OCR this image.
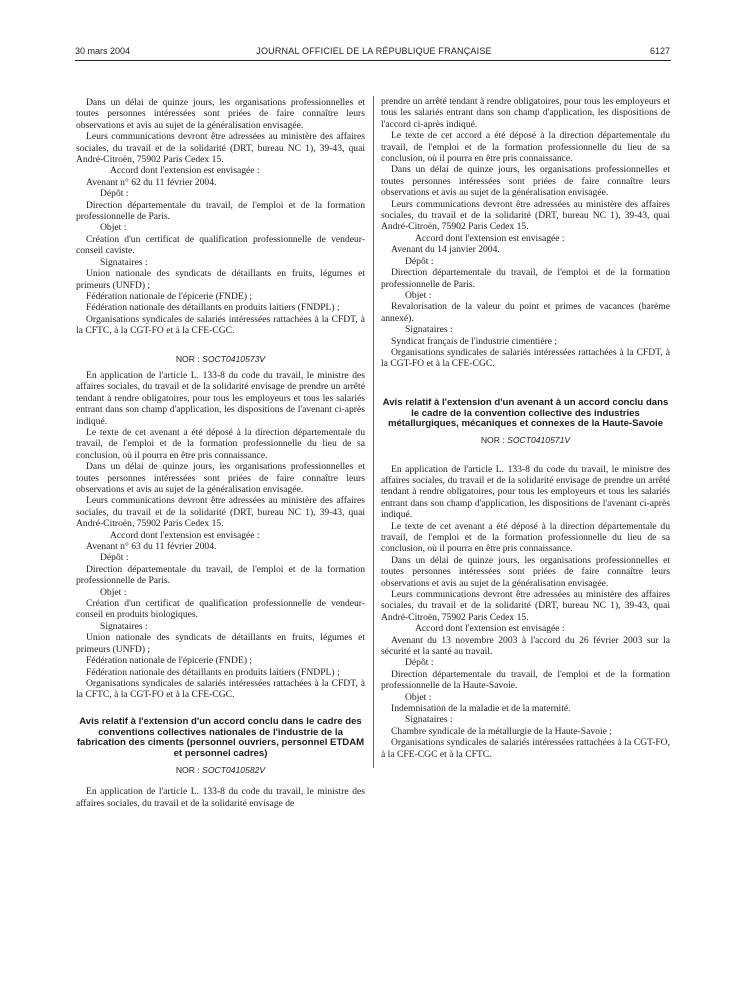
30 mars 2004	JOURNAL OFFICIEL DE LA RÉPUBLIQUE FRANÇAISE	6127

Dans un délai de quinze jours, les organisations professionnelles et toutes personnes intéressées sont priées de faire connaître leurs observations et avis au sujet de la généralisation envisagée.

Leurs communications devront être adressées au ministère des affaires sociales, du travail et de la solidarité (DRT, bureau NC 1), 39-43, quai André-Citroën, 75902 Paris Cedex 15.

Accord dont l'extension est envisagée :

Avenant n° 62 du 11 février 2004.

Dépôt :

Direction départementale du travail, de l'emploi et de la formation professionnelle de Paris.

Objet :

Création d'un certificat de qualification professionnelle de vendeur-conseil caviste.

Signataires :

Union nationale des syndicats de détaillants en fruits, légumes et primeurs (UNFD) ;

Fédération nationale de l'épicerie (FNDE) ;

Fédération nationale des détaillants en produits laitiers (FNDPL) ;

Organisations syndicales de salariés intéressées rattachées à la CFDT, à la CFTC, à la CGT-FO et à la CFE-CGC.

NOR : SOCT0410573V

En application de l'article L. 133-8 du code du travail, le ministre des affaires sociales, du travail et de la solidarité envisage de prendre un arrêté tendant à rendre obligatoires, pour tous les employeurs et tous les salariés entrant dans son champ d'application, les dispositions de l'avenant ci-après indiqué.

Le texte de cet avenant a été déposé à la direction départementale du travail, de l'emploi et de la formation professionnelle du lieu de sa conclusion, où il pourra en être pris connaissance.

Dans un délai de quinze jours, les organisations professionnelles et toutes personnes intéressées sont priées de faire connaître leurs observations et avis au sujet de la généralisation envisagée.

Leurs communications devront être adressées au ministère des affaires sociales, du travail et de la solidarité (DRT, bureau NC 1), 39-43, quai André-Citroën, 75902 Paris Cedex 15.

Accord dont l'extension est envisagée :

Avenant n° 63 du 11 février 2004.

Dépôt :

Direction départementale du travail, de l'emploi et de la formation professionnelle de Paris.

Objet :

Création d'un certificat de qualification professionnelle de vendeur-conseil en produits biologiques.

Signataires :

Union nationale des syndicats de détaillants en fruits, légumes et primeurs (UNFD) ;

Fédération nationale de l'épicerie (FNDE) ;

Fédération nationale des détaillants en produits laitiers (FNDPL) ;

Organisations syndicales de salariés intéressées rattachées à la CFDT, à la CFTC, à la CGT-FO et à la CFE-CGC.

Avis relatif à l'extension d'un accord conclu dans le cadre des conventions collectives nationales de l'industrie de la fabrication des ciments (personnel ouvriers, personnel ETDAM et personnel cadres)

NOR : SOCT0410582V

En application de l'article L. 133-8 du code du travail, le ministre des affaires sociales, du travail et de la solidarité envisage de

prendre un arrêté tendant à rendre obligatoires, pour tous les employeurs et tous les salariés entrant dans son champ d'application, les dispositions de l'accord ci-après indiqué.

Le texte de cet accord a été déposé à la direction départementale du travail, de l'emploi et de la formation professionnelle du lieu de sa conclusion, où il pourra en être pris connaissance.

Dans un délai de quinze jours, les organisations professionnelles et toutes personnes intéressées sont priées de faire connaître leurs observations et avis au sujet de la généralisation envisagée.

Leurs communications devront être adressées au ministère des affaires sociales, du travail et de la solidarité (DRT, bureau NC 1), 39-43, quai André-Citroën, 75902 Paris Cedex 15.

Accord dont l'extension est envisagée :

Avenant du 14 janvier 2004.

Dépôt :

Direction départementale du travail, de l'emploi et de la formation professionnelle de Paris.

Objet :

Revalorisation de la valeur du point et primes de vacances (barème annexé).

Signataires :

Syndicat français de l'industrie cimentière ;

Organisations syndicales de salariés intéressées rattachées à la CFDT, à la CGT-FO et à la CFE-CGC.

Avis relatif à l'extension d'un avenant à un accord conclu dans le cadre de la convention collective des industries métallurgiques, mécaniques et connexes de la Haute-Savoie

NOR : SOCT0410571V

En application de l'article L. 133-8 du code du travail, le ministre des affaires sociales, du travail et de la solidarité envisage de prendre un arrêté tendant à rendre obligatoires, pour tous les employeurs et tous les salariés entrant dans son champ d'application, les dispositions de l'avenant ci-après indiqué.

Le texte de cet avenant a été déposé à la direction départementale du travail, de l'emploi et de la formation professionnelle du lieu de sa conclusion, où il pourra en être pris connaissance.

Dans un délai de quinze jours, les organisations professionnelles et toutes personnes intéressées sont priées de faire connaître leurs observations et avis au sujet de la généralisation envisagée.

Leurs communications devront être adressées au ministère des affaires sociales, du travail et de la solidarité (DRT, bureau NC 1), 39-43, quai André-Citroën, 75902 Paris Cedex 15.

Accord dont l'extension est envisagée :

Avenant du 13 novembre 2003 à l'accord du 26 février 2003 sur la sécurité et la santé au travail.

Dépôt :

Direction départementale du travail, de l'emploi et de la formation professionnelle de la Haute-Savoie.

Objet :

Indemnisation de la maladie et de la maternité.

Signataires :

Chambre syndicale de la métallurgie de la Haute-Savoie ;

Organisations syndicales de salariés intéressées rattachées à la CGT-FO, à la CFE-CGC et à la CFTC.
